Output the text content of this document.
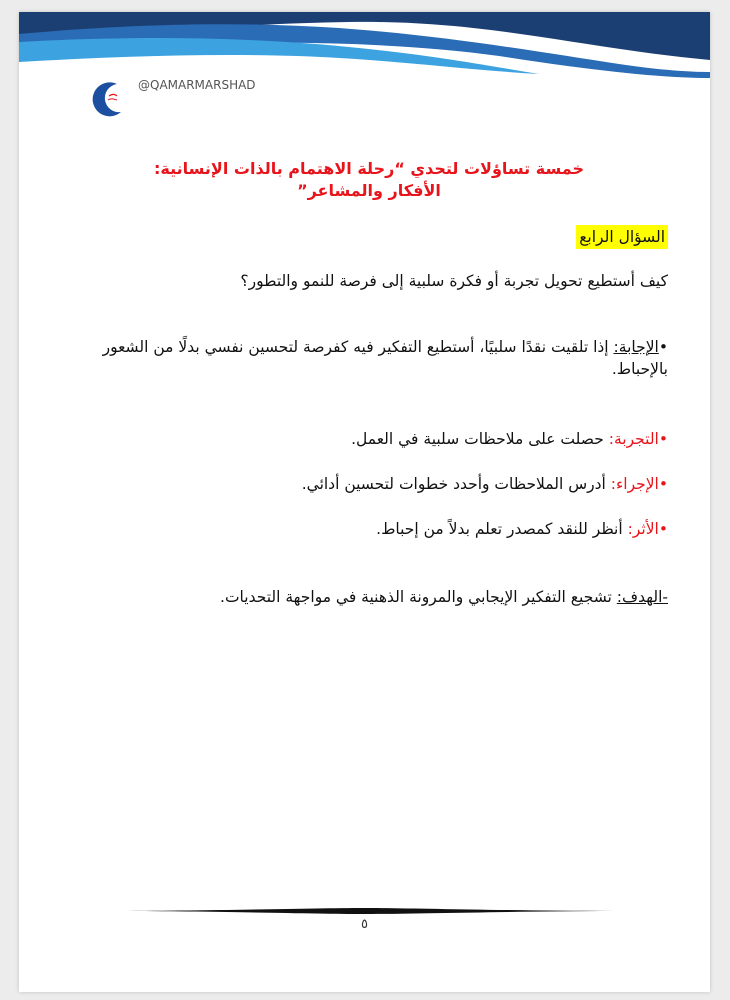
@QAMARMARSHAD
خمسة تساؤلات لتحدي “رحلة الاهتمام بالذات الإنسانية:
الأفكار والمشاعر”
السؤال الرابع
كيف أستطيع تحويل تجربة أو فكرة سلبية إلى فرصة للنمو والتطور؟
•الإجابة: إذا تلقيت نقدًا سلبيًا، أستطيع التفكير فيه كفرصة لتحسين نفسي بدلًا من الشعور بالإحباط.
•التجربة: حصلت على ملاحظات سلبية في العمل.
•الإجراء: أدرس الملاحظات وأحدد خطوات لتحسين أدائي.
•الأثر: أنظر للنقد كمصدر تعلم بدلاً من إحباط.
-الهدف: تشجيع التفكير الإيجابي والمرونة الذهنية في مواجهة التحديات.
٥
